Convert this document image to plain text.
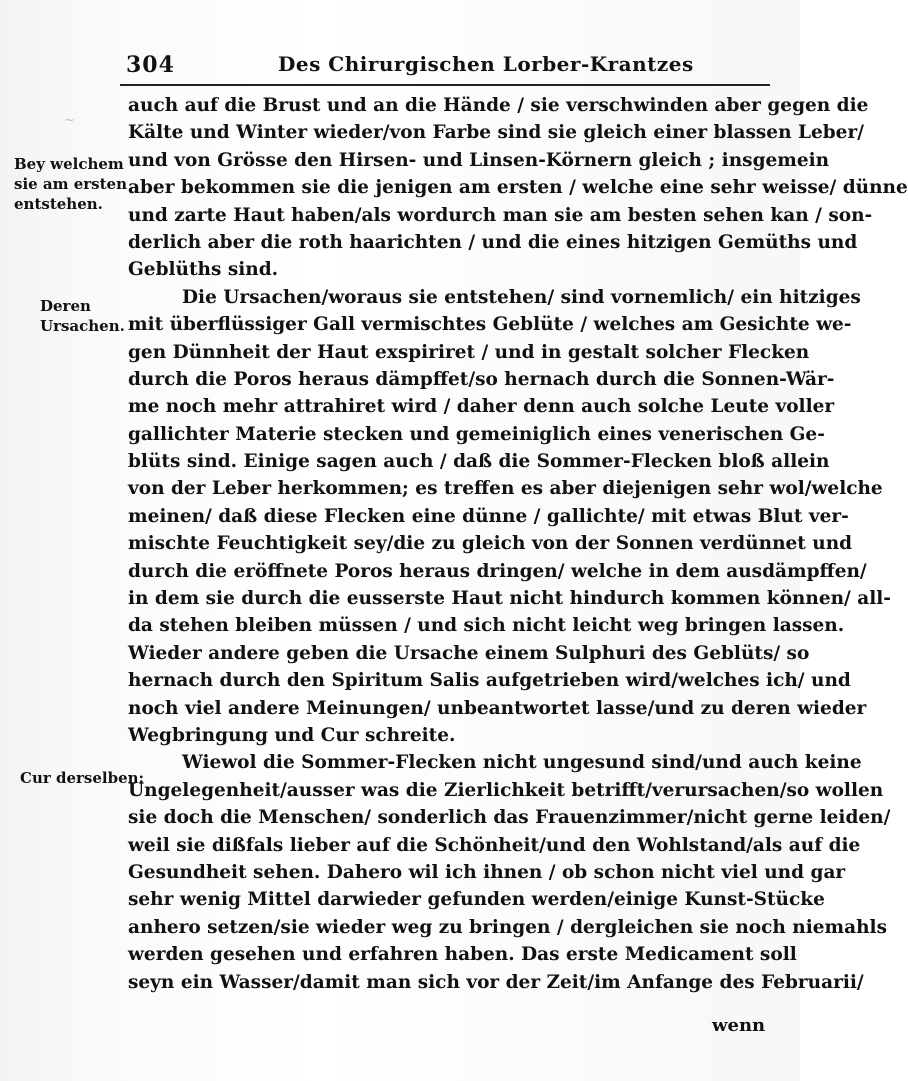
304	Des Chirurgischen Lorber-Krantzes
~
Bey welchem
sie am ersten
entstehen.
Deren
Ursachen.
Cur derselben:
auch auf die Brust und an die Hände / sie verschwinden aber gegen die
Kälte und Winter wieder/von Farbe sind sie gleich einer blassen Leber/
und von Grösse den Hirsen- und Linsen-Körnern gleich ; insgemein
aber bekommen sie die jenigen am ersten / welche eine sehr weisse/ dünne
und zarte Haut haben/als wordurch man sie am besten sehen kan / son-
derlich aber die roth haarichten / und die eines hitzigen Gemüths und
Geblüths sind.
Die Ursachen/woraus sie entstehen/ sind vornemlich/ ein hitziges
mit überflüssiger Gall vermischtes Geblüte / welches am Gesichte we-
gen Dünnheit der Haut exspiriret / und in gestalt solcher Flecken
durch die Poros heraus dämpffet/so hernach durch die Sonnen-Wär-
me noch mehr attrahiret wird / daher denn auch solche Leute voller
gallichter Materie stecken und gemeiniglich eines venerischen Ge-
blüts sind. Einige sagen auch / daß die Sommer-Flecken bloß allein
von der Leber herkommen; es treffen es aber diejenigen sehr wol/welche
meinen/ daß diese Flecken eine dünne / gallichte/ mit etwas Blut ver-
mischte Feuchtigkeit sey/die zu gleich von der Sonnen verdünnet und
durch die eröffnete Poros heraus dringen/ welche in dem ausdämpffen/
in dem sie durch die eusserste Haut nicht hindurch kommen können/ all-
da stehen bleiben müssen / und sich nicht leicht weg bringen lassen.
Wieder andere geben die Ursache einem Sulphuri des Geblüts/ so
hernach durch den Spiritum Salis aufgetrieben wird/welches ich/ und
noch viel andere Meinungen/ unbeantwortet lasse/und zu deren wieder
Wegbringung und Cur schreite.
Wiewol die Sommer-Flecken nicht ungesund sind/und auch keine
Ungelegenheit/ausser was die Zierlichkeit betrifft/verursachen/so wollen
sie doch die Menschen/ sonderlich das Frauenzimmer/nicht gerne leiden/
weil sie dißfals lieber auf die Schönheit/und den Wohlstand/als auf die
Gesundheit sehen. Dahero wil ich ihnen / ob schon nicht viel und gar
sehr wenig Mittel darwieder gefunden werden/einige Kunst-Stücke
anhero setzen/sie wieder weg zu bringen / dergleichen sie noch niemahls
werden gesehen und erfahren haben. Das erste Medicament soll
seyn ein Wasser/damit man sich vor der Zeit/im Anfange des Februarii/
wenn
